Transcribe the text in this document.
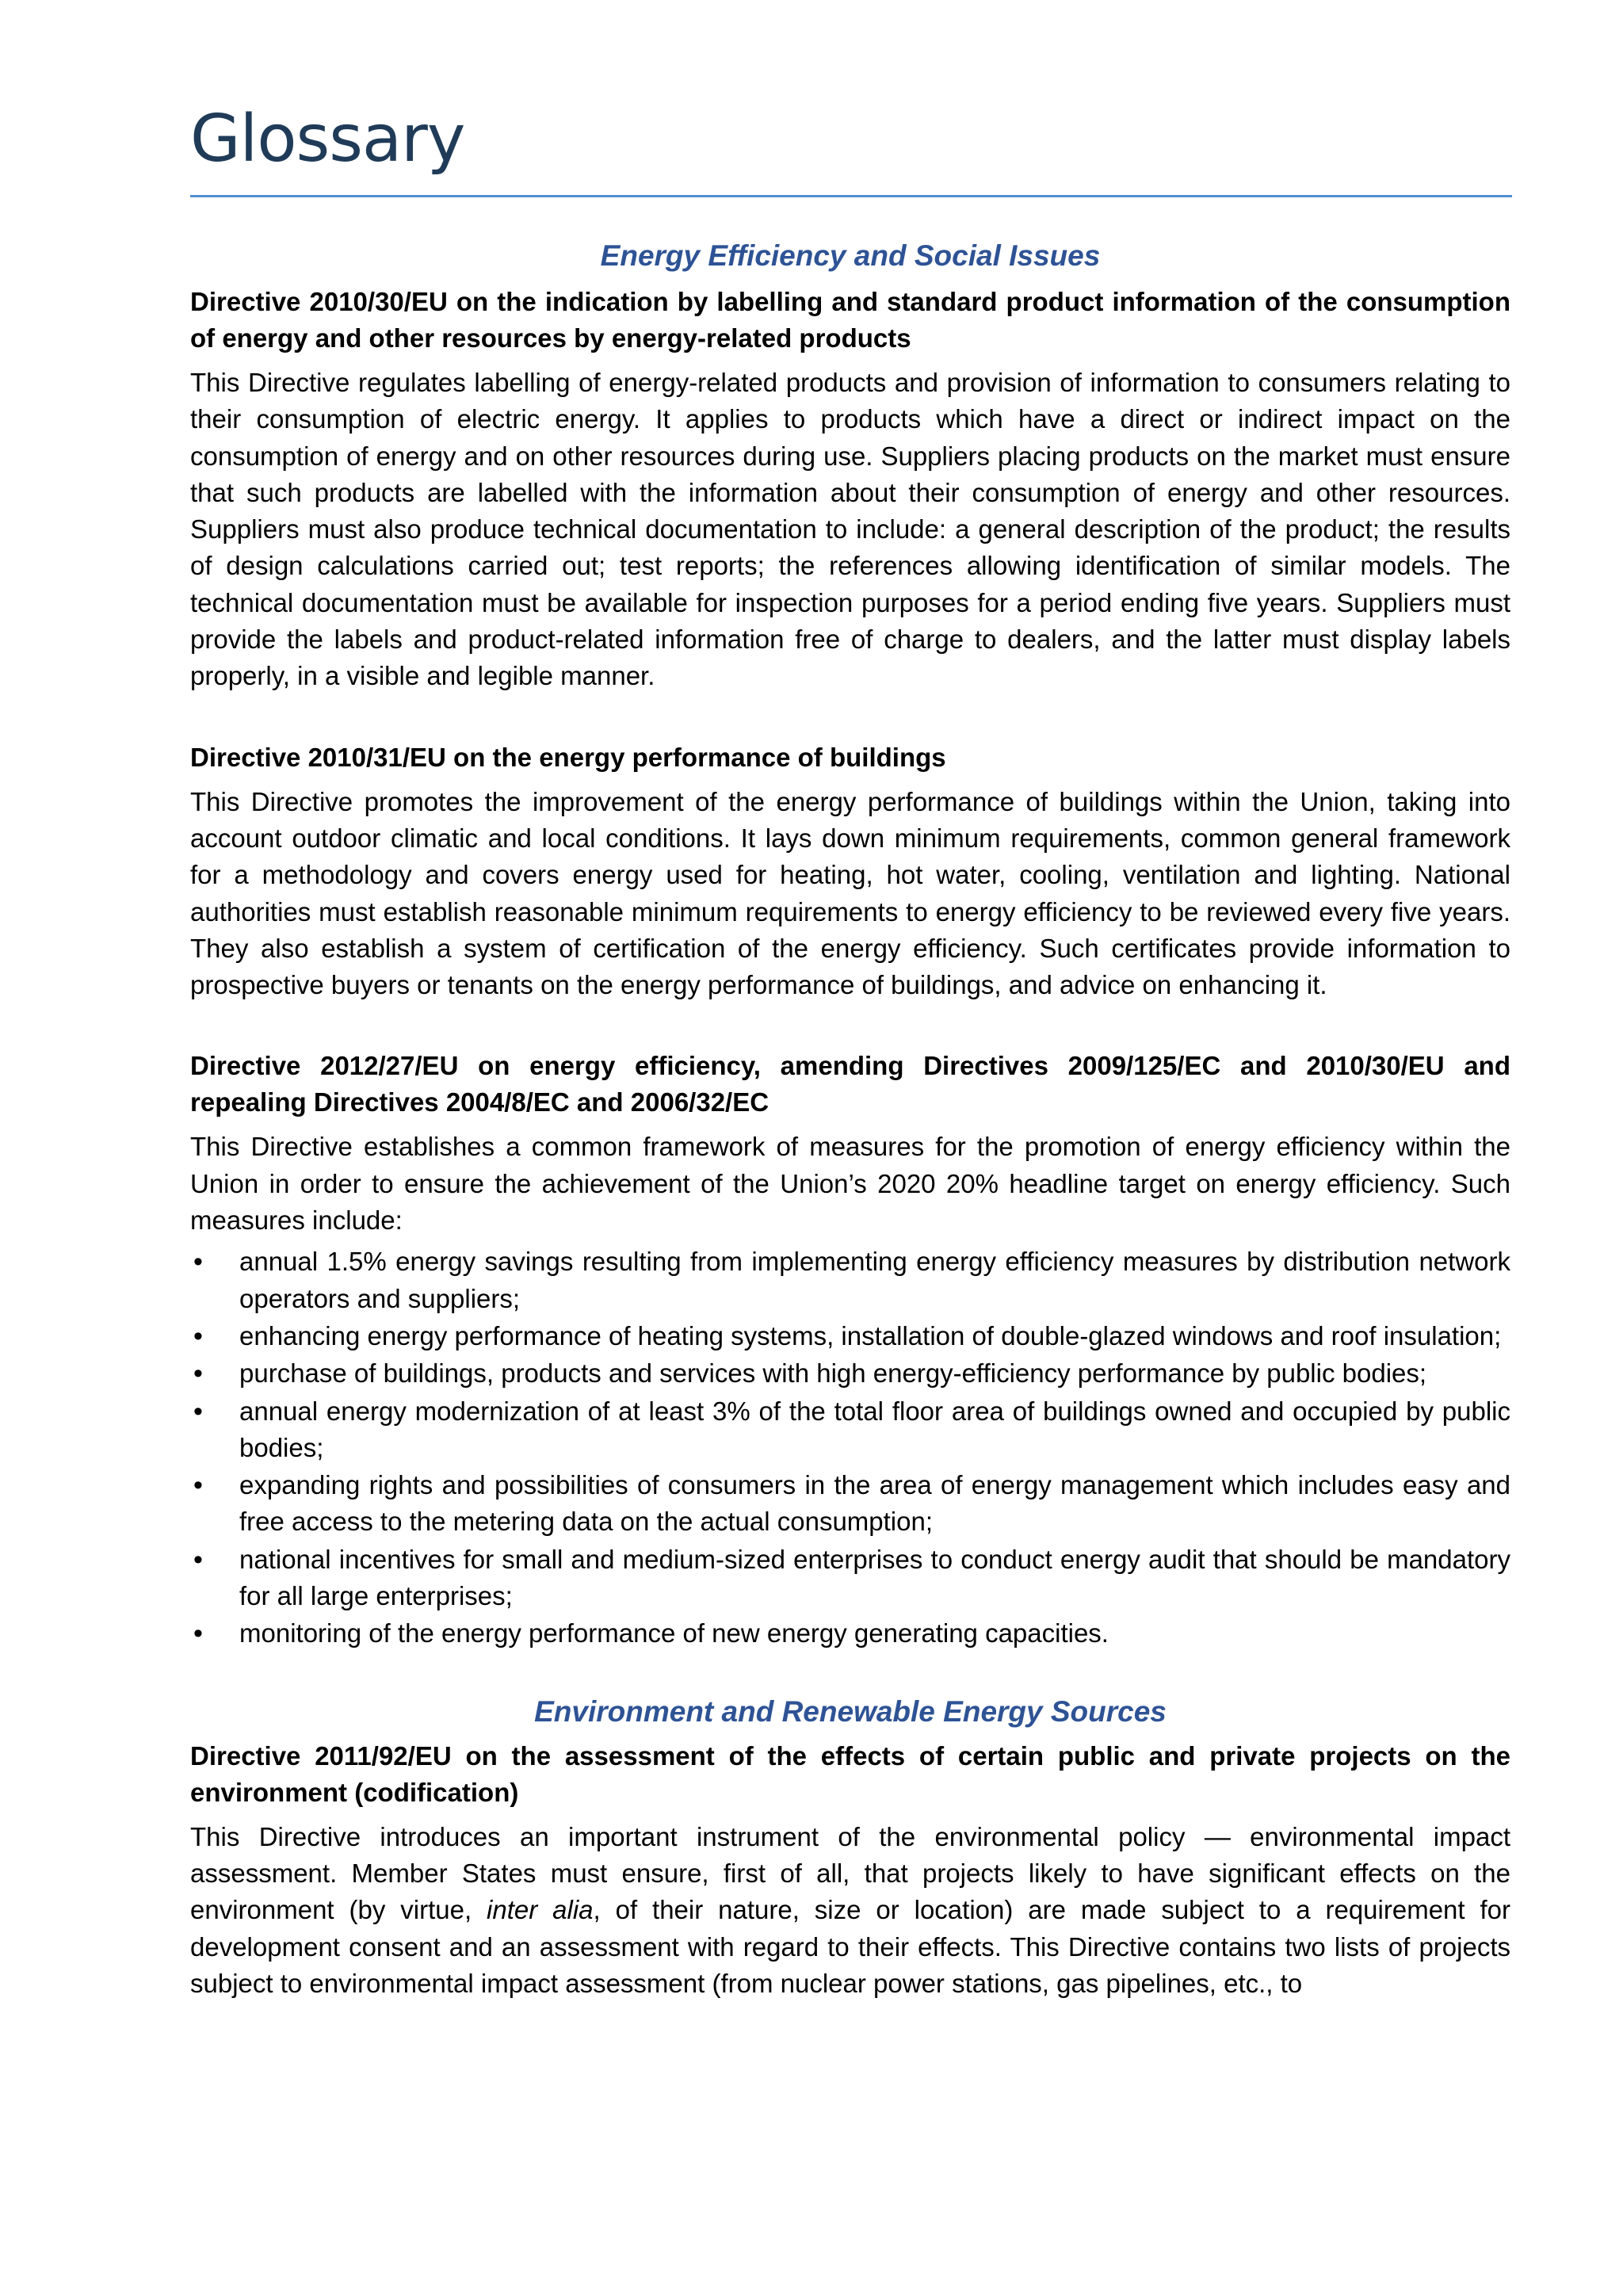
Glossary
Energy Efficiency and Social Issues

Directive 2010/30/EU on the indication by labelling and standard product information of the consumption of energy and other resources by energy-related products

This Directive regulates labelling of energy-related products and provision of information to consumers relating to their consumption of electric energy. It applies to products which have a direct or indirect impact on the consumption of energy and on other resources during use. Suppliers placing products on the market must ensure that such products are labelled with the information about their consumption of energy and other resources. Suppliers must also produce technical documentation to include: a general description of the product; the results of design calculations carried out; test reports; the references allowing identification of similar models. The technical documentation must be available for inspection purposes for a period ending five years. Suppliers must provide the labels and product-related information free of charge to dealers, and the latter must display labels properly, in a visible and legible manner.

Directive 2010/31/EU on the energy performance of buildings

This Directive promotes the improvement of the energy performance of buildings within the Union, taking into account outdoor climatic and local conditions. It lays down minimum requirements, common general framework for a methodology and covers energy used for heating, hot water, cooling, ventilation and lighting. National authorities must establish reasonable minimum requirements to energy efficiency to be reviewed every five years. They also establish a system of certification of the energy efficiency. Such certificates provide information to prospective buyers or tenants on the energy performance of buildings, and advice on enhancing it.

Directive 2012/27/EU on energy efficiency, amending Directives 2009/125/EC and 2010/30/EU and repealing Directives 2004/8/EC and 2006/32/EC

This Directive establishes a common framework of measures for the promotion of energy efficiency within the Union in order to ensure the achievement of the Union’s 2020 20% headline target on energy efficiency. Such measures include:

• annual 1.5% energy savings resulting from implementing energy efficiency measures by distribution network operators and suppliers;
• enhancing energy performance of heating systems, installation of double-glazed windows and roof insulation;
• purchase of buildings, products and services with high energy-efficiency performance by public bodies;
• annual energy modernization of at least 3% of the total floor area of buildings owned and occupied by public bodies;
• expanding rights and possibilities of consumers in the area of energy management which includes easy and free access to the metering data on the actual consumption;
• national incentives for small and medium-sized enterprises to conduct energy audit that should be mandatory for all large enterprises;
• monitoring of the energy performance of new energy generating capacities.
Environment and Renewable Energy Sources

Directive 2011/92/EU on the assessment of the effects of certain public and private projects on the environment (codification)

This Directive introduces an important instrument of the environmental policy — environmental impact assessment. Member States must ensure, first of all, that projects likely to have significant effects on the environment (by virtue, inter alia, of their nature, size or location) are made subject to a requirement for development consent and an assessment with regard to their effects. This Directive contains two lists of projects subject to environmental impact assessment (from nuclear power stations, gas pipelines, etc., to
